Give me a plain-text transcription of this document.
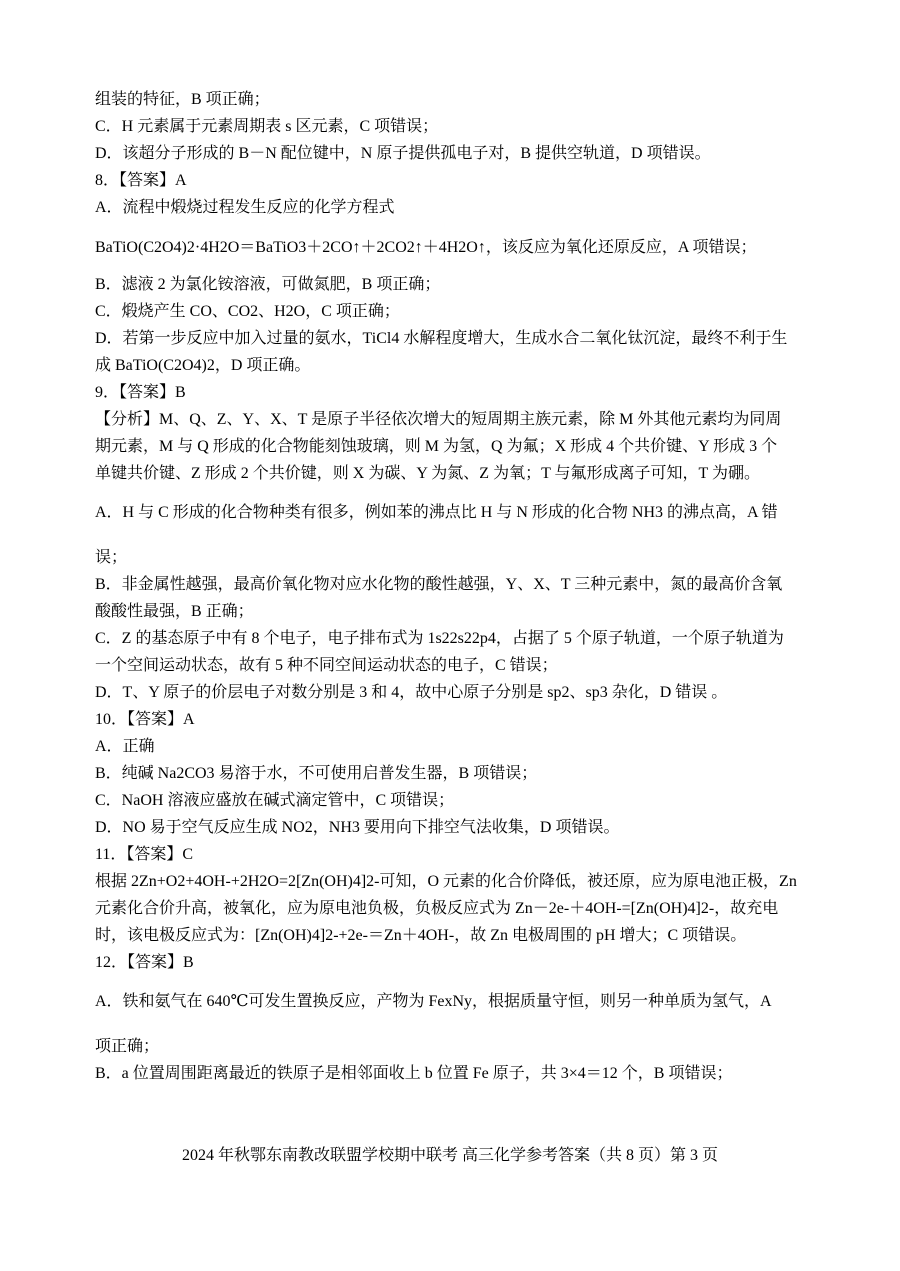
组装的特征，B 项正确；
C．H 元素属于元素周期表 s 区元素，C 项错误；
D．该超分子形成的 B－N 配位键中，N 原子提供孤电子对，B 提供空轨道，D 项错误。
8．【答案】A
A．流程中煅烧过程发生反应的化学方程式
BaTiO(C2O4)2·4H2O＝BaTiO3＋2CO↑＋2CO2↑＋4H2O↑，该反应为氧化还原反应，A 项错误；
B．滤液 2 为氯化铵溶液，可做氮肥，B 项正确；
C．煅烧产生 CO、CO2、H2O，C 项正确；
D．若第一步反应中加入过量的氨水，TiCl4 水解程度增大，生成水合二氧化钛沉淀，最终不利于生
成 BaTiO(C2O4)2，D 项正确。
9．【答案】B
【分析】M、Q、Z、Y、X、T 是原子半径依次增大的短周期主族元素，除 M 外其他元素均为同周
期元素，M 与 Q 形成的化合物能刻蚀玻璃，则 M 为氢，Q 为氟；X 形成 4 个共价键、Y 形成 3 个
单键共价键、Z 形成 2 个共价键，则 X 为碳、Y 为氮、Z 为氧；T 与氟形成离子可知，T 为硼。
A．H 与 C 形成的化合物种类有很多，例如苯的沸点比 H 与 N 形成的化合物 NH3 的沸点高，A 错
误；
B．非金属性越强，最高价氧化物对应水化物的酸性越强，Y、X、T 三种元素中，氮的最高价含氧
酸酸性最强，B 正确；
C．Z 的基态原子中有 8 个电子，电子排布式为 1s22s22p4，占据了 5 个原子轨道，一个原子轨道为
一个空间运动状态，故有 5 种不同空间运动状态的电子，C 错误；
D．T、Y 原子的价层电子对数分别是 3 和 4，故中心原子分别是 sp2、sp3 杂化，D 错误 。
10．【答案】A
A．正确
B．纯碱 Na2CO3 易溶于水，不可使用启普发生器，B 项错误；
C．NaOH 溶液应盛放在碱式滴定管中，C 项错误；
D．NO 易于空气反应生成 NO2，NH3 要用向下排空气法收集，D 项错误。
11．【答案】C
根据 2Zn+O2+4OH-+2H2O=2[Zn(OH)4]2-可知，O 元素的化合价降低，被还原，应为原电池正极，Zn
元素化合价升高，被氧化，应为原电池负极，负极反应式为 Zn－2e-＋4OH-=[Zn(OH)4]2-，故充电
时，该电极反应式为：[Zn(OH)4]2-+2e-＝Zn＋4OH-，故 Zn 电极周围的 pH 增大；C 项错误。
12．【答案】B
A．铁和氨气在 640℃可发生置换反应，产物为 FexNy，根据质量守恒，则另一种单质为氢气，A
项正确；
B．a 位置周围距离最近的铁原子是相邻面收上 b 位置 Fe 原子，共 3×4＝12 个，B 项错误；
2024 年秋鄂东南教改联盟学校期中联考 高三化学参考答案（共 8 页）第 3 页
